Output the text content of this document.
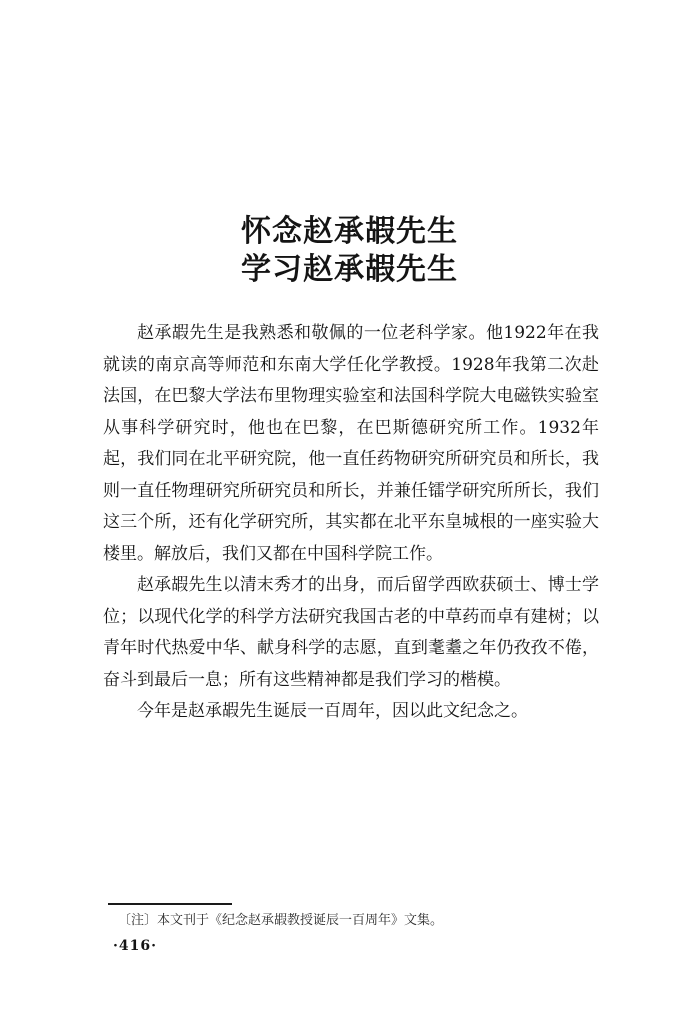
怀念赵承嘏先生
学习赵承嘏先生

赵承嘏先生是我熟悉和敬佩的一位老科学家。他1922年在我就读的南京高等师范和东南大学任化学教授。1928年我第二次赴法国，在巴黎大学法布里物理实验室和法国科学院大电磁铁实验室从事科学研究时，他也在巴黎，在巴斯德研究所工作。1932年起，我们同在北平研究院，他一直任药物研究所研究员和所长，我则一直任物理研究所研究员和所长，并兼任镭学研究所所长，我们这三个所，还有化学研究所，其实都在北平东皇城根的一座实验大楼里。解放后，我们又都在中国科学院工作。

赵承嘏先生以清末秀才的出身，而后留学西欧获硕士、博士学位；以现代化学的科学方法研究我国古老的中草药而卓有建树；以青年时代热爱中华、献身科学的志愿，直到耄耋之年仍孜孜不倦，奋斗到最后一息；所有这些精神都是我们学习的楷模。

今年是赵承嘏先生诞辰一百周年，因以此文纪念之。

〔注〕本文刊于《纪念赵承嘏教授诞辰一百周年》文集。
·416·
